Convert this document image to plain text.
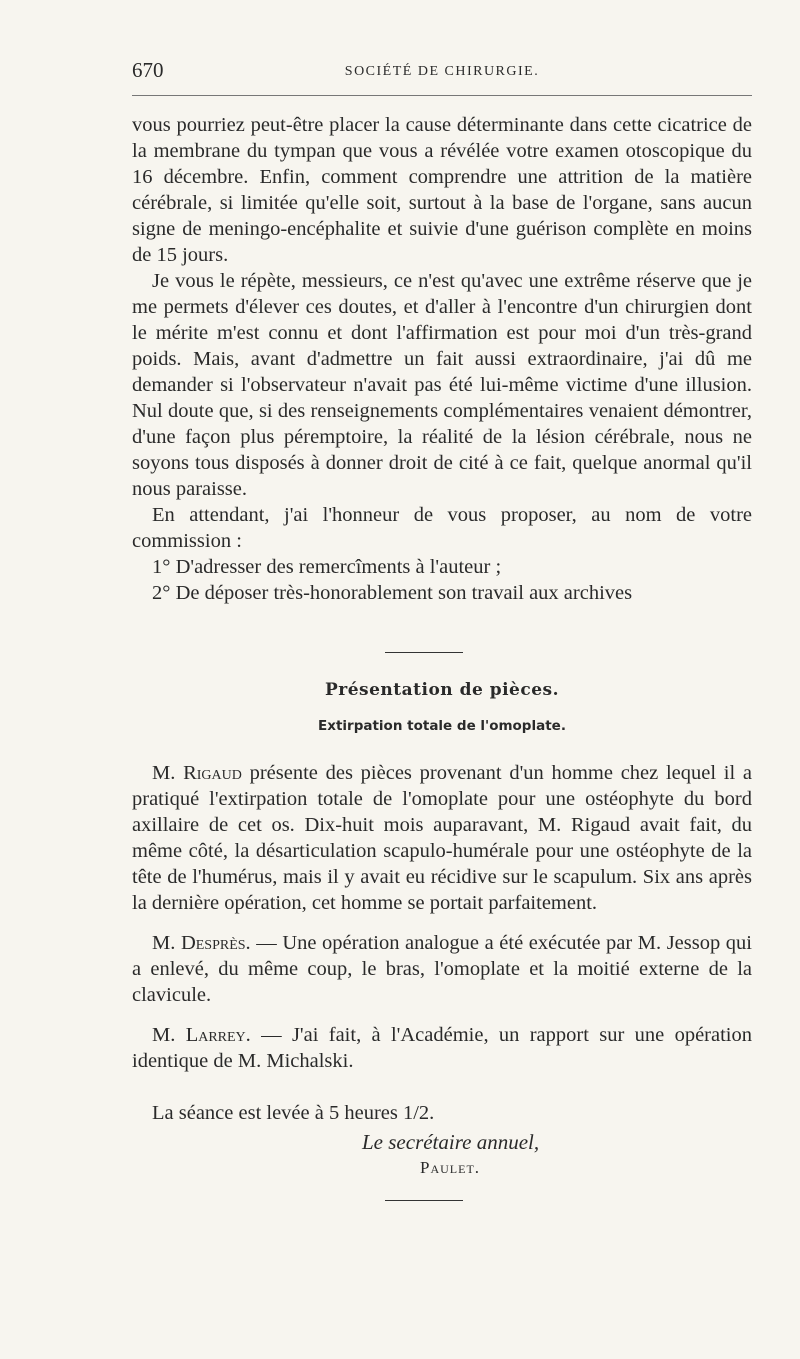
670	SOCIÉTÉ DE CHIRURGIE.

vous pourriez peut-être placer la cause déterminante dans cette cicatrice de la membrane du tympan que vous a révélée votre examen otoscopique du 16 décembre. Enfin, comment comprendre une attrition de la matière cérébrale, si limitée qu'elle soit, surtout à la base de l'organe, sans aucun signe de meningo-encéphalite et suivie d'une guérison complète en moins de 15 jours.

Je vous le répète, messieurs, ce n'est qu'avec une extrême réserve que je me permets d'élever ces doutes, et d'aller à l'encontre d'un chirurgien dont le mérite m'est connu et dont l'affirmation est pour moi d'un très-grand poids. Mais, avant d'admettre un fait aussi extraordinaire, j'ai dû me demander si l'observateur n'avait pas été lui-même victime d'une illusion. Nul doute que, si des renseignements complémentaires venaient démontrer, d'une façon plus péremptoire, la réalité de la lésion cérébrale, nous ne soyons tous disposés à donner droit de cité à ce fait, quelque anormal qu'il nous paraisse.

En attendant, j'ai l'honneur de vous proposer, au nom de votre commission :

1° D'adresser des remercîments à l'auteur ;

2° De déposer très-honorablement son travail aux archives

Présentation de pièces.
Extirpation totale de l'omoplate.

M. Rigaud présente des pièces provenant d'un homme chez lequel il a pratiqué l'extirpation totale de l'omoplate pour une ostéophyte du bord axillaire de cet os. Dix-huit mois auparavant, M. Rigaud avait fait, du même côté, la désarticulation scapulo-humérale pour une ostéophyte de la tête de l'humérus, mais il y avait eu récidive sur le scapulum. Six ans après la dernière opération, cet homme se portait parfaitement.

M. Desprès. — Une opération analogue a été exécutée par M. Jessop qui a enlevé, du même coup, le bras, l'omoplate et la moitié externe de la clavicule.

M. Larrey. — J'ai fait, à l'Académie, un rapport sur une opération identique de M. Michalski.

La séance est levée à 5 heures 1/2.

Le secrétaire annuel,
Paulet.
